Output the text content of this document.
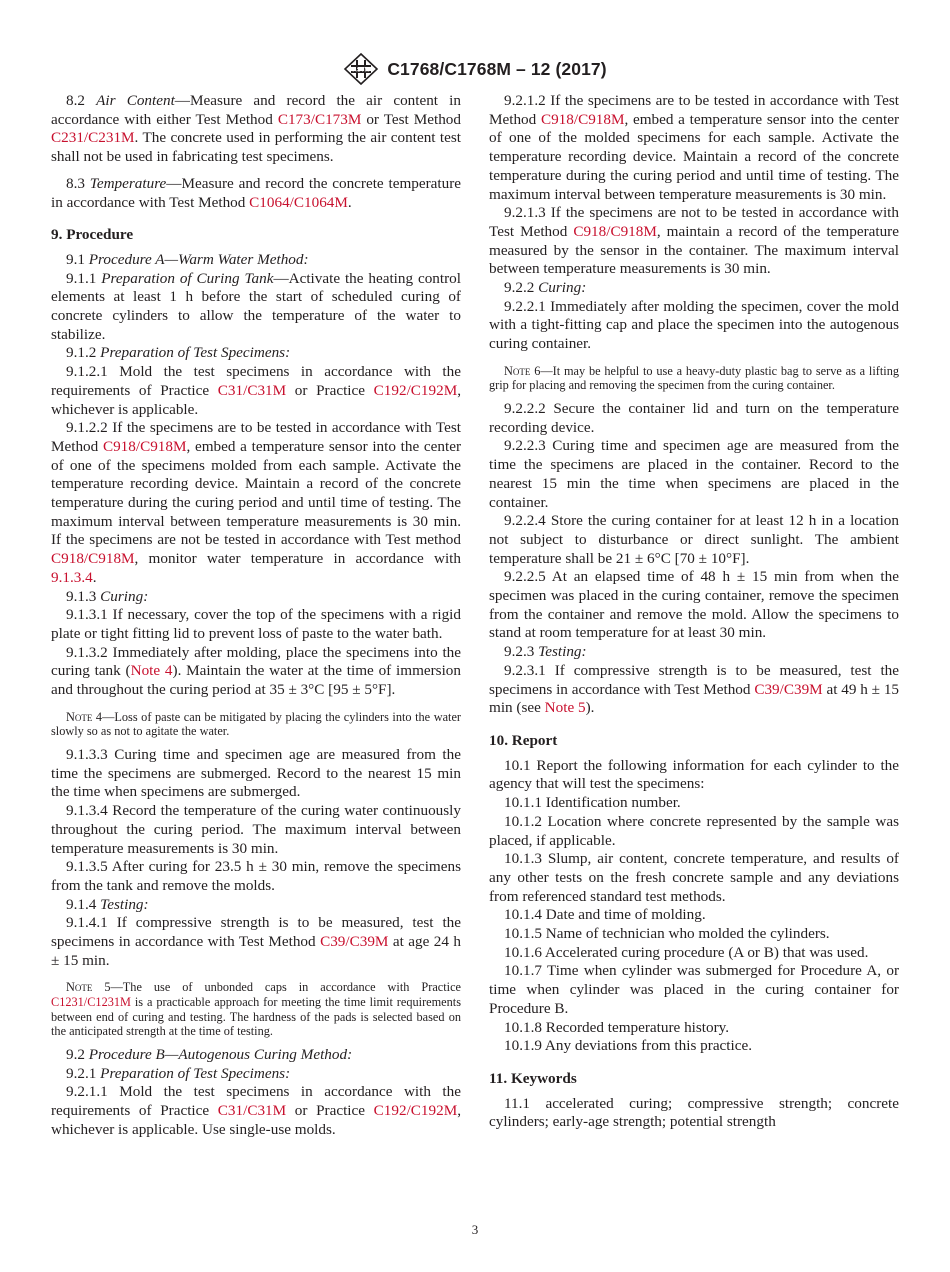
ASTM C1768/C1768M – 12 (2017)

8.2 Air Content—Measure and record the air content in accordance with either Test Method C173/C173M or Test Method C231/C231M. The concrete used in performing the air content test shall not be used in fabricating test specimens.

8.3 Temperature—Measure and record the concrete temperature in accordance with Test Method C1064/C1064M.

9. Procedure

9.1 Procedure A—Warm Water Method:

9.1.1 Preparation of Curing Tank—Activate the heating control elements at least 1 h before the start of scheduled curing of concrete cylinders to allow the temperature of the water to stabilize.

9.1.2 Preparation of Test Specimens:

9.1.2.1 Mold the test specimens in accordance with the requirements of Practice C31/C31M or Practice C192/C192M, whichever is applicable.

9.1.2.2 If the specimens are to be tested in accordance with Test Method C918/C918M, embed a temperature sensor into the center of one of the specimens molded from each sample. Activate the temperature recording device. Maintain a record of the concrete temperature during the curing period and until time of testing. The maximum interval between temperature measurements is 30 min. If the specimens are not be tested in accordance with Test method C918/C918M, monitor water temperature in accordance with 9.1.3.4.

9.1.3 Curing:

9.1.3.1 If necessary, cover the top of the specimens with a rigid plate or tight fitting lid to prevent loss of paste to the water bath.

9.1.3.2 Immediately after molding, place the specimens into the curing tank (Note 4). Maintain the water at the time of immersion and throughout the curing period at 35 ± 3°C [95 ± 5°F].

Note 4—Loss of paste can be mitigated by placing the cylinders into the water slowly so as not to agitate the water.

9.1.3.3 Curing time and specimen age are measured from the time the specimens are submerged. Record to the nearest 15 min the time when specimens are submerged.

9.1.3.4 Record the temperature of the curing water continuously throughout the curing period. The maximum interval between temperature measurements is 30 min.

9.1.3.5 After curing for 23.5 h ± 30 min, remove the specimens from the tank and remove the molds.

9.1.4 Testing:

9.1.4.1 If compressive strength is to be measured, test the specimens in accordance with Test Method C39/C39M at age 24 h ± 15 min.

Note 5—The use of unbonded caps in accordance with Practice C1231/C1231M is a practicable approach for meeting the time limit requirements between end of curing and testing. The hardness of the pads is selected based on the anticipated strength at the time of testing.

9.2 Procedure B—Autogenous Curing Method:

9.2.1 Preparation of Test Specimens:

9.2.1.1 Mold the test specimens in accordance with the requirements of Practice C31/C31M or Practice C192/C192M, whichever is applicable. Use single-use molds.

9.2.1.2 If the specimens are to be tested in accordance with Test Method C918/C918M, embed a temperature sensor into the center of one of the molded specimens for each sample. Activate the temperature recording device. Maintain a record of the concrete temperature during the curing period and until time of testing. The maximum interval between temperature measurements is 30 min.

9.2.1.3 If the specimens are not to be tested in accordance with Test Method C918/C918M, maintain a record of the temperature measured by the sensor in the container. The maximum interval between temperature measurements is 30 min.

9.2.2 Curing:

9.2.2.1 Immediately after molding the specimen, cover the mold with a tight-fitting cap and place the specimen into the autogenous curing container.

Note 6—It may be helpful to use a heavy-duty plastic bag to serve as a lifting grip for placing and removing the specimen from the curing container.

9.2.2.2 Secure the container lid and turn on the temperature recording device.

9.2.2.3 Curing time and specimen age are measured from the time the specimens are placed in the container. Record to the nearest 15 min the time when specimens are placed in the container.

9.2.2.4 Store the curing container for at least 12 h in a location not subject to disturbance or direct sunlight. The ambient temperature shall be 21 ± 6°C [70 ± 10°F].

9.2.2.5 At an elapsed time of 48 h ± 15 min from when the specimen was placed in the curing container, remove the specimen from the container and remove the mold. Allow the specimens to stand at room temperature for at least 30 min.

9.2.3 Testing:

9.2.3.1 If compressive strength is to be measured, test the specimens in accordance with Test Method C39/C39M at 49 h ± 15 min (see Note 5).

10. Report

10.1 Report the following information for each cylinder to the agency that will test the specimens:

10.1.1 Identification number.

10.1.2 Location where concrete represented by the sample was placed, if applicable.

10.1.3 Slump, air content, concrete temperature, and results of any other tests on the fresh concrete sample and any deviations from referenced standard test methods.

10.1.4 Date and time of molding.

10.1.5 Name of technician who molded the cylinders.

10.1.6 Accelerated curing procedure (A or B) that was used.

10.1.7 Time when cylinder was submerged for Procedure A, or time when cylinder was placed in the curing container for Procedure B.

10.1.8 Recorded temperature history.

10.1.9 Any deviations from this practice.

11. Keywords

11.1 accelerated curing; compressive strength; concrete cylinders; early-age strength; potential strength

3
